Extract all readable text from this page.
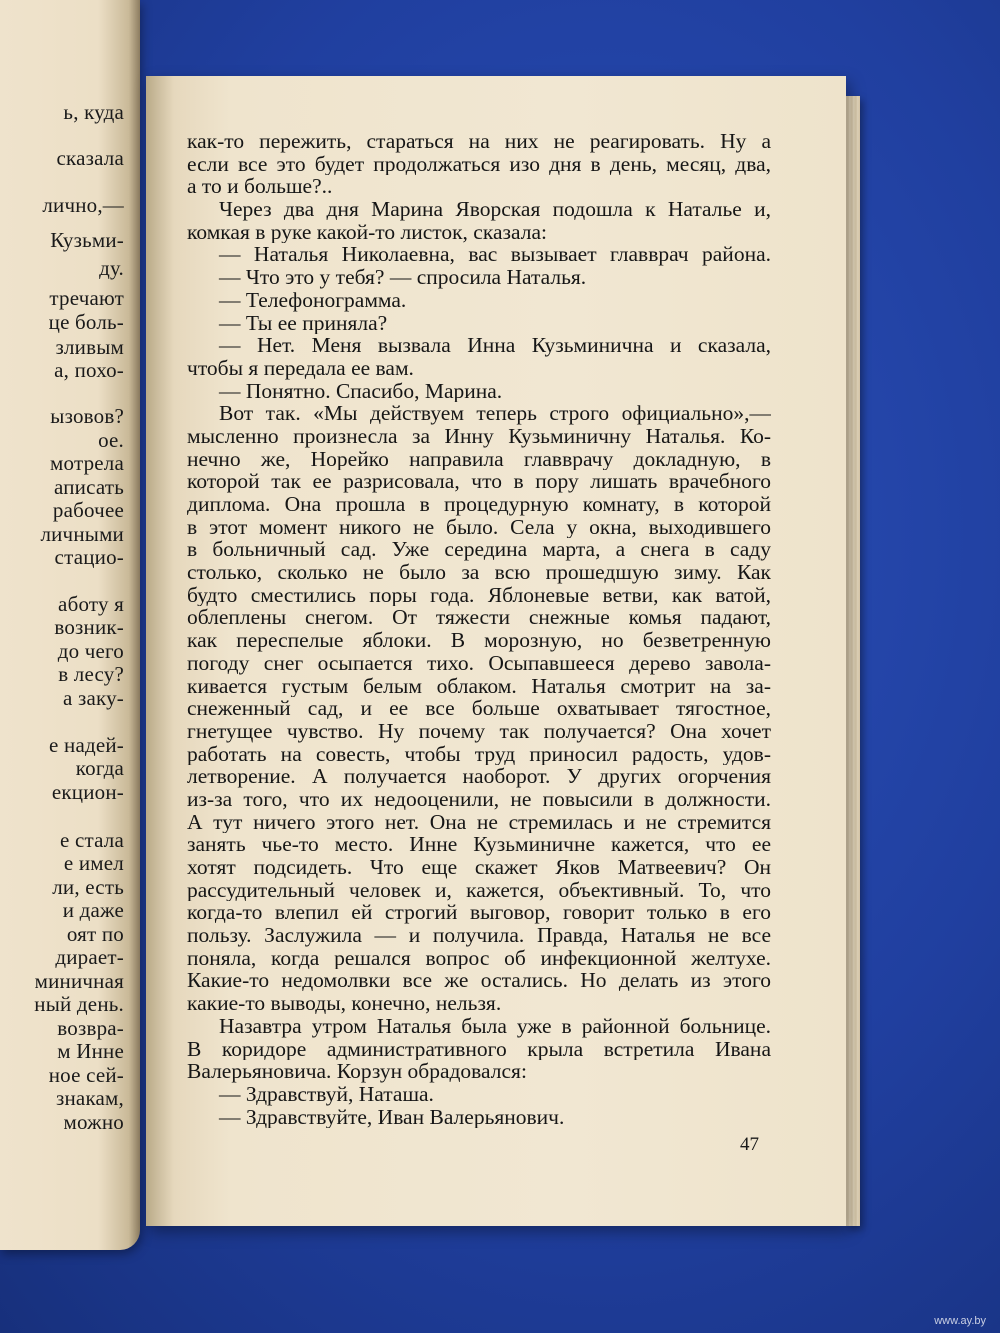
ь, куда
сказала
лично,—
Кузьми-
ду.
тречают
це боль-
зливым
а, похо-
ызовов?
ое.
мотрела
аписать
рабочее
личными
стацио-
аботу я
возник-
до чего
в лесу?
а заку-
е надей-
когда
екцион-
е стала
е имел
ли, есть
и даже
оят по
дирает-
миничная
ный день.
возвра-
м Инне
ное сей-
знакам,
можно
как-то пережить, стараться на них не реагировать. Ну а
если все это будет продолжаться изо дня в день, месяц, два,
а то и больше?..
Через два дня Марина Яворская подошла к Наталье и,
комкая в руке какой-то листок, сказала:
— Наталья Николаевна, вас вызывает главврач района.
— Что это у тебя? — спросила Наталья.
— Телефонограмма.
— Ты ее приняла?
— Нет. Меня вызвала Инна Кузьминична и сказала,
чтобы я передала ее вам.
— Понятно. Спасибо, Марина.
Вот так. «Мы действуем теперь строго официально»,—
мысленно произнесла за Инну Кузьминичну Наталья. Ко-
нечно же, Норейко направила главврачу докладную, в
которой так ее разрисовала, что в пору лишать врачебного
диплома. Она прошла в процедурную комнату, в которой
в этот момент никого не было. Села у окна, выходившего
в больничный сад. Уже середина марта, а снега в саду
столько, сколько не было за всю прошедшую зиму. Как
будто сместились поры года. Яблоневые ветви, как ватой,
облеплены снегом. От тяжести снежные комья падают,
как переспелые яблоки. В морозную, но безветренную
погоду снег осыпается тихо. Осыпавшееся дерево завола-
кивается густым белым облаком. Наталья смотрит на за-
снеженный сад, и ее все больше охватывает тягостное,
гнетущее чувство. Ну почему так получается? Она хочет
работать на совесть, чтобы труд приносил радость, удов-
летворение. А получается наоборот. У других огорчения
из-за того, что их недооценили, не повысили в должности.
А тут ничего этого нет. Она не стремилась и не стремится
занять чье-то место. Инне Кузьминичне кажется, что ее
хотят подсидеть. Что еще скажет Яков Матвеевич? Он
рассудительный человек и, кажется, объективный. То, что
когда-то влепил ей строгий выговор, говорит только в его
пользу. Заслужила — и получила. Правда, Наталья не все
поняла, когда решался вопрос об инфекционной желтухе.
Какие-то недомолвки все же остались. Но делать из этого
какие-то выводы, конечно, нельзя.
Назавтра утром Наталья была уже в районной больнице.
В коридоре административного крыла встретила Ивана
Валерьяновича. Корзун обрадовался:
— Здравствуй, Наташа.
— Здравствуйте, Иван Валерьянович.
47
www.ay.by
